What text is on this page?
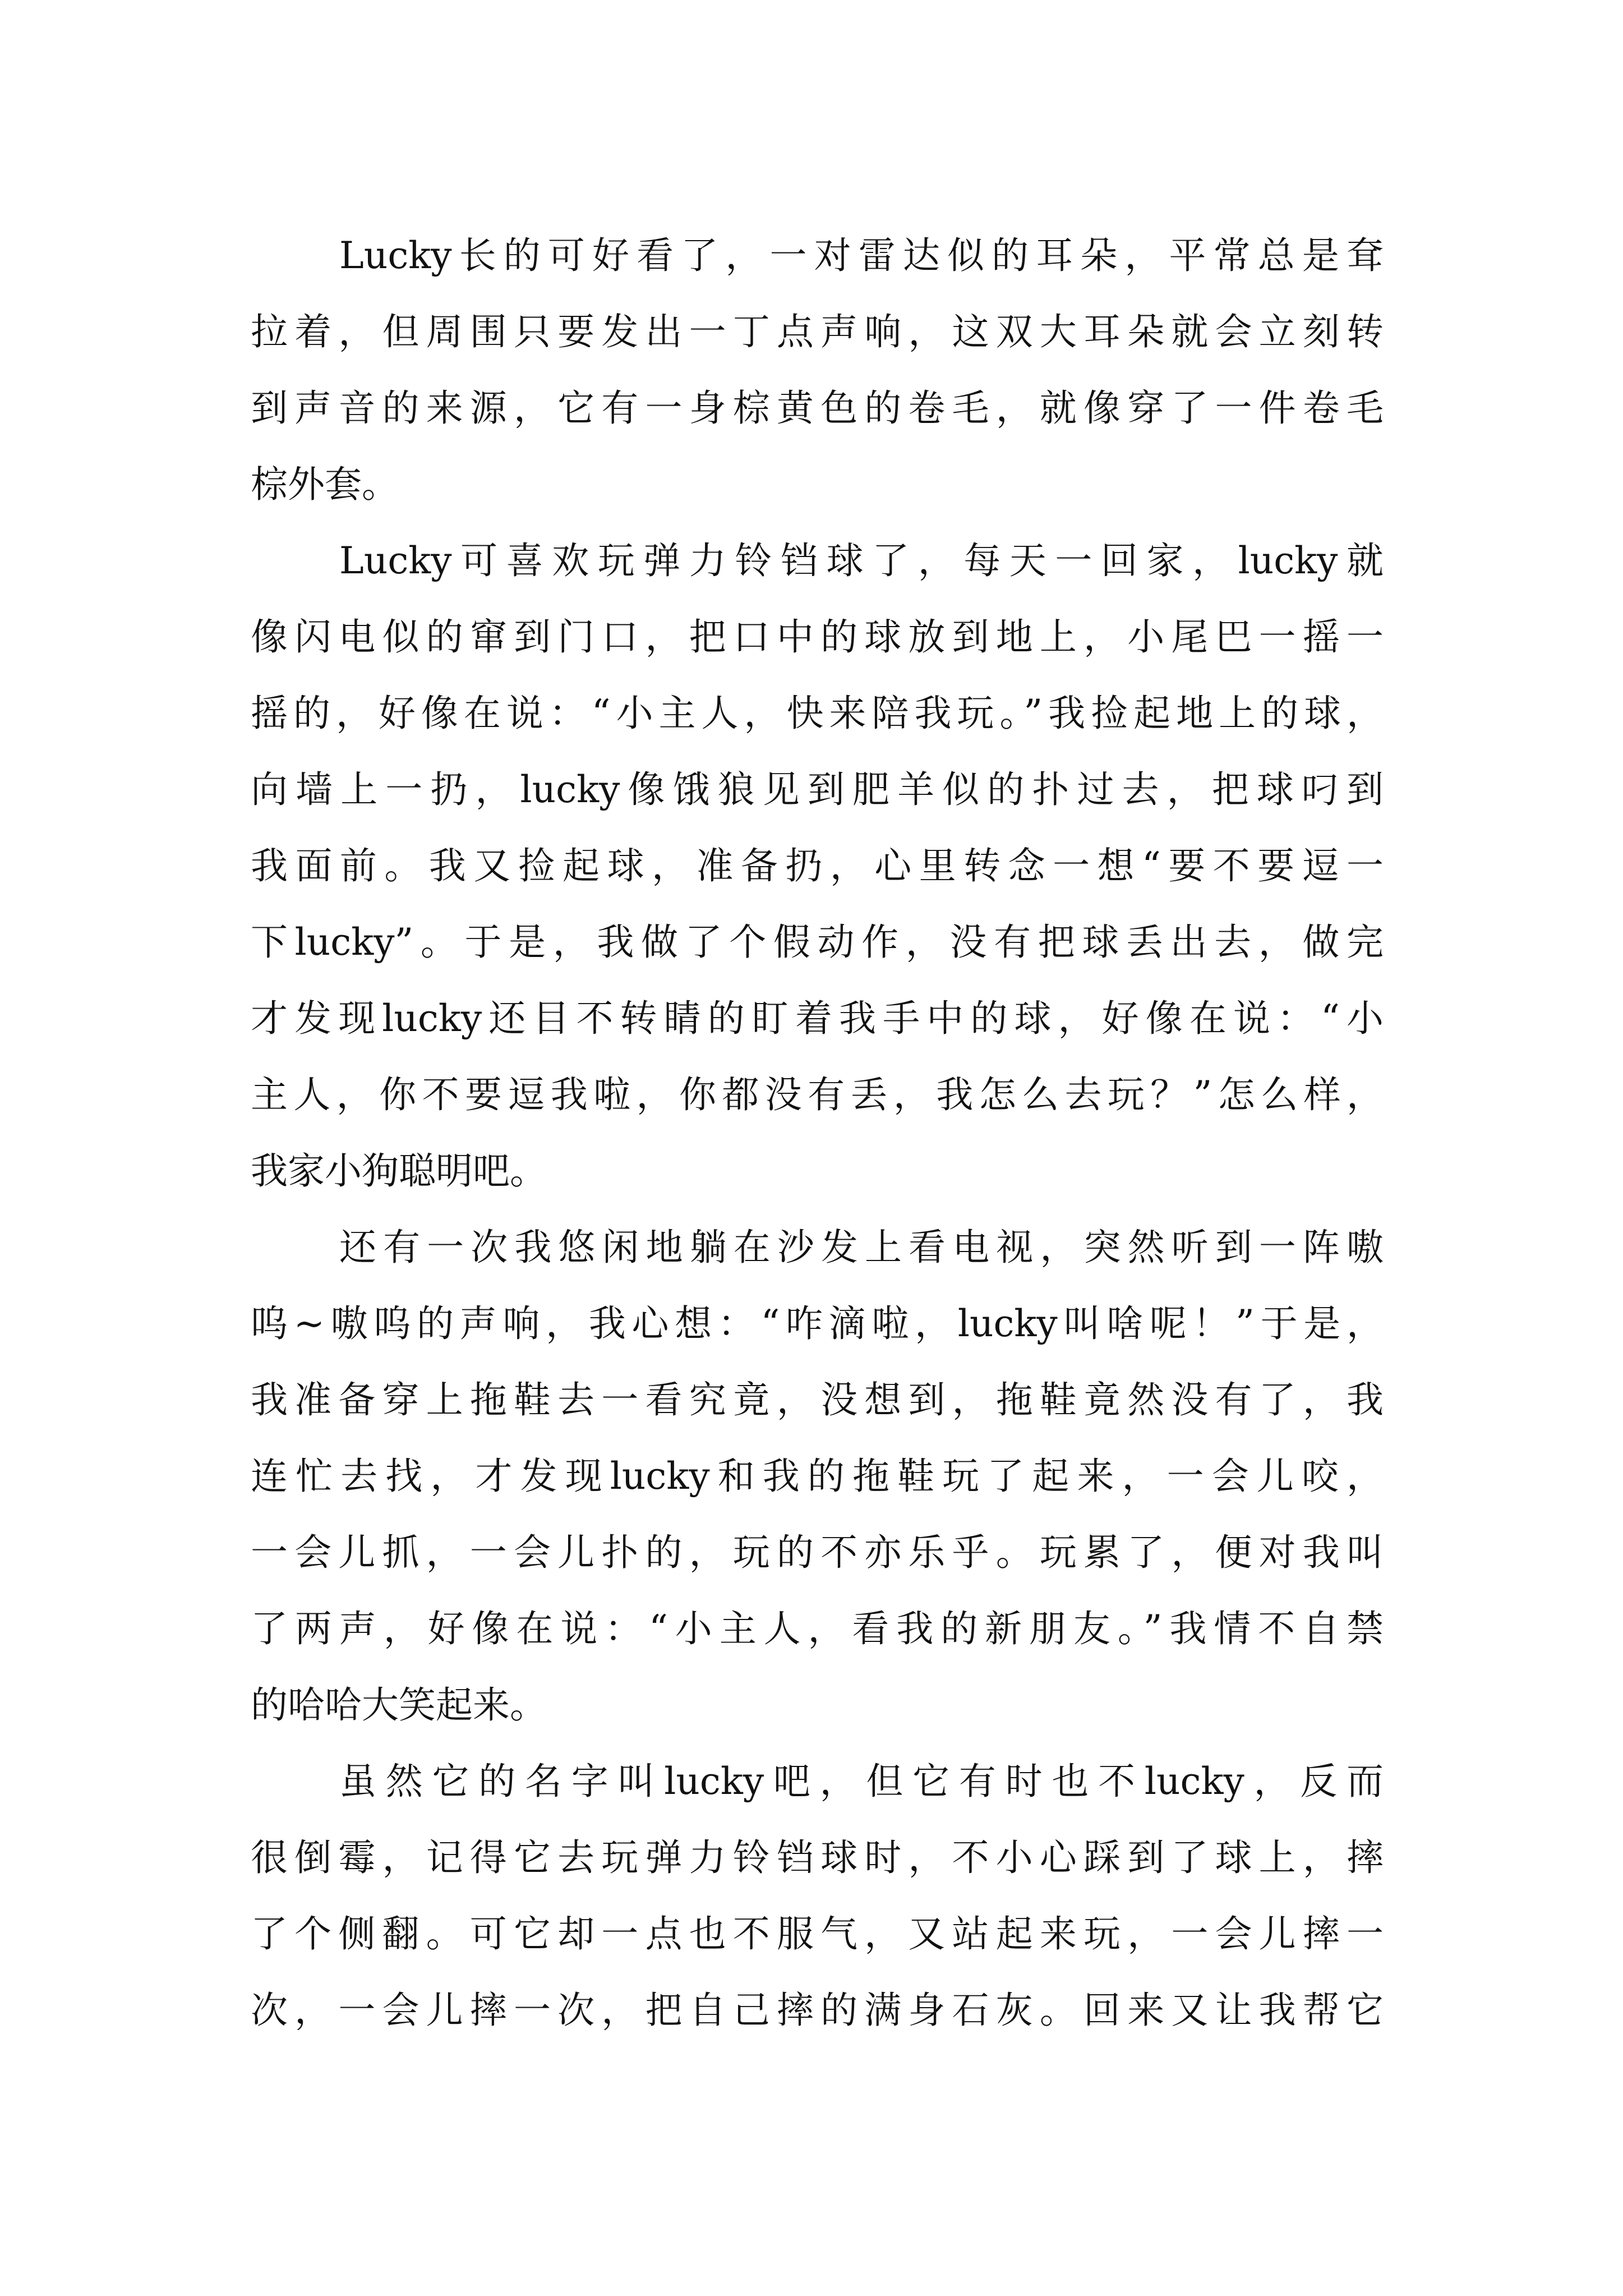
Lucky长的可好看了，一对雷达似的耳朵，平常总是耷
拉着，但周围只要发出一丁点声响，这双大耳朵就会立刻转
到声音的来源，它有一身棕黄色的卷毛，就像穿了一件卷毛
棕外套。
Lucky可喜欢玩弹力铃铛球了，每天一回家，lucky就
像闪电似的窜到门口，把口中的球放到地上，小尾巴一摇一
摇的，好像在说：“小主人，快来陪我玩。”我捡起地上的球，
向墙上一扔，lucky像饿狼见到肥羊似的扑过去，把球叼到
我面前。我又捡起球，准备扔，心里转念一想“要不要逗一
下lucky”。于是，我做了个假动作，没有把球丢出去，做完
才发现lucky还目不转睛的盯着我手中的球，好像在说：“小
主人，你不要逗我啦，你都没有丢，我怎么去玩？”怎么样，
我家小狗聪明吧。
还有一次我悠闲地躺在沙发上看电视，突然听到一阵嗷
呜~嗷呜的声响，我心想：“咋滴啦，lucky叫啥呢！”于是，
我准备穿上拖鞋去一看究竟，没想到，拖鞋竟然没有了，我
连忙去找，才发现lucky和我的拖鞋玩了起来，一会儿咬，
一会儿抓，一会儿扑的，玩的不亦乐乎。玩累了，便对我叫
了两声，好像在说：“小主人，看我的新朋友。”我情不自禁
的哈哈大笑起来。
虽然它的名字叫lucky吧，但它有时也不lucky，反而
很倒霉，记得它去玩弹力铃铛球时，不小心踩到了球上，摔
了个侧翻。可它却一点也不服气，又站起来玩，一会儿摔一
次，一会儿摔一次，把自己摔的满身石灰。回来又让我帮它
